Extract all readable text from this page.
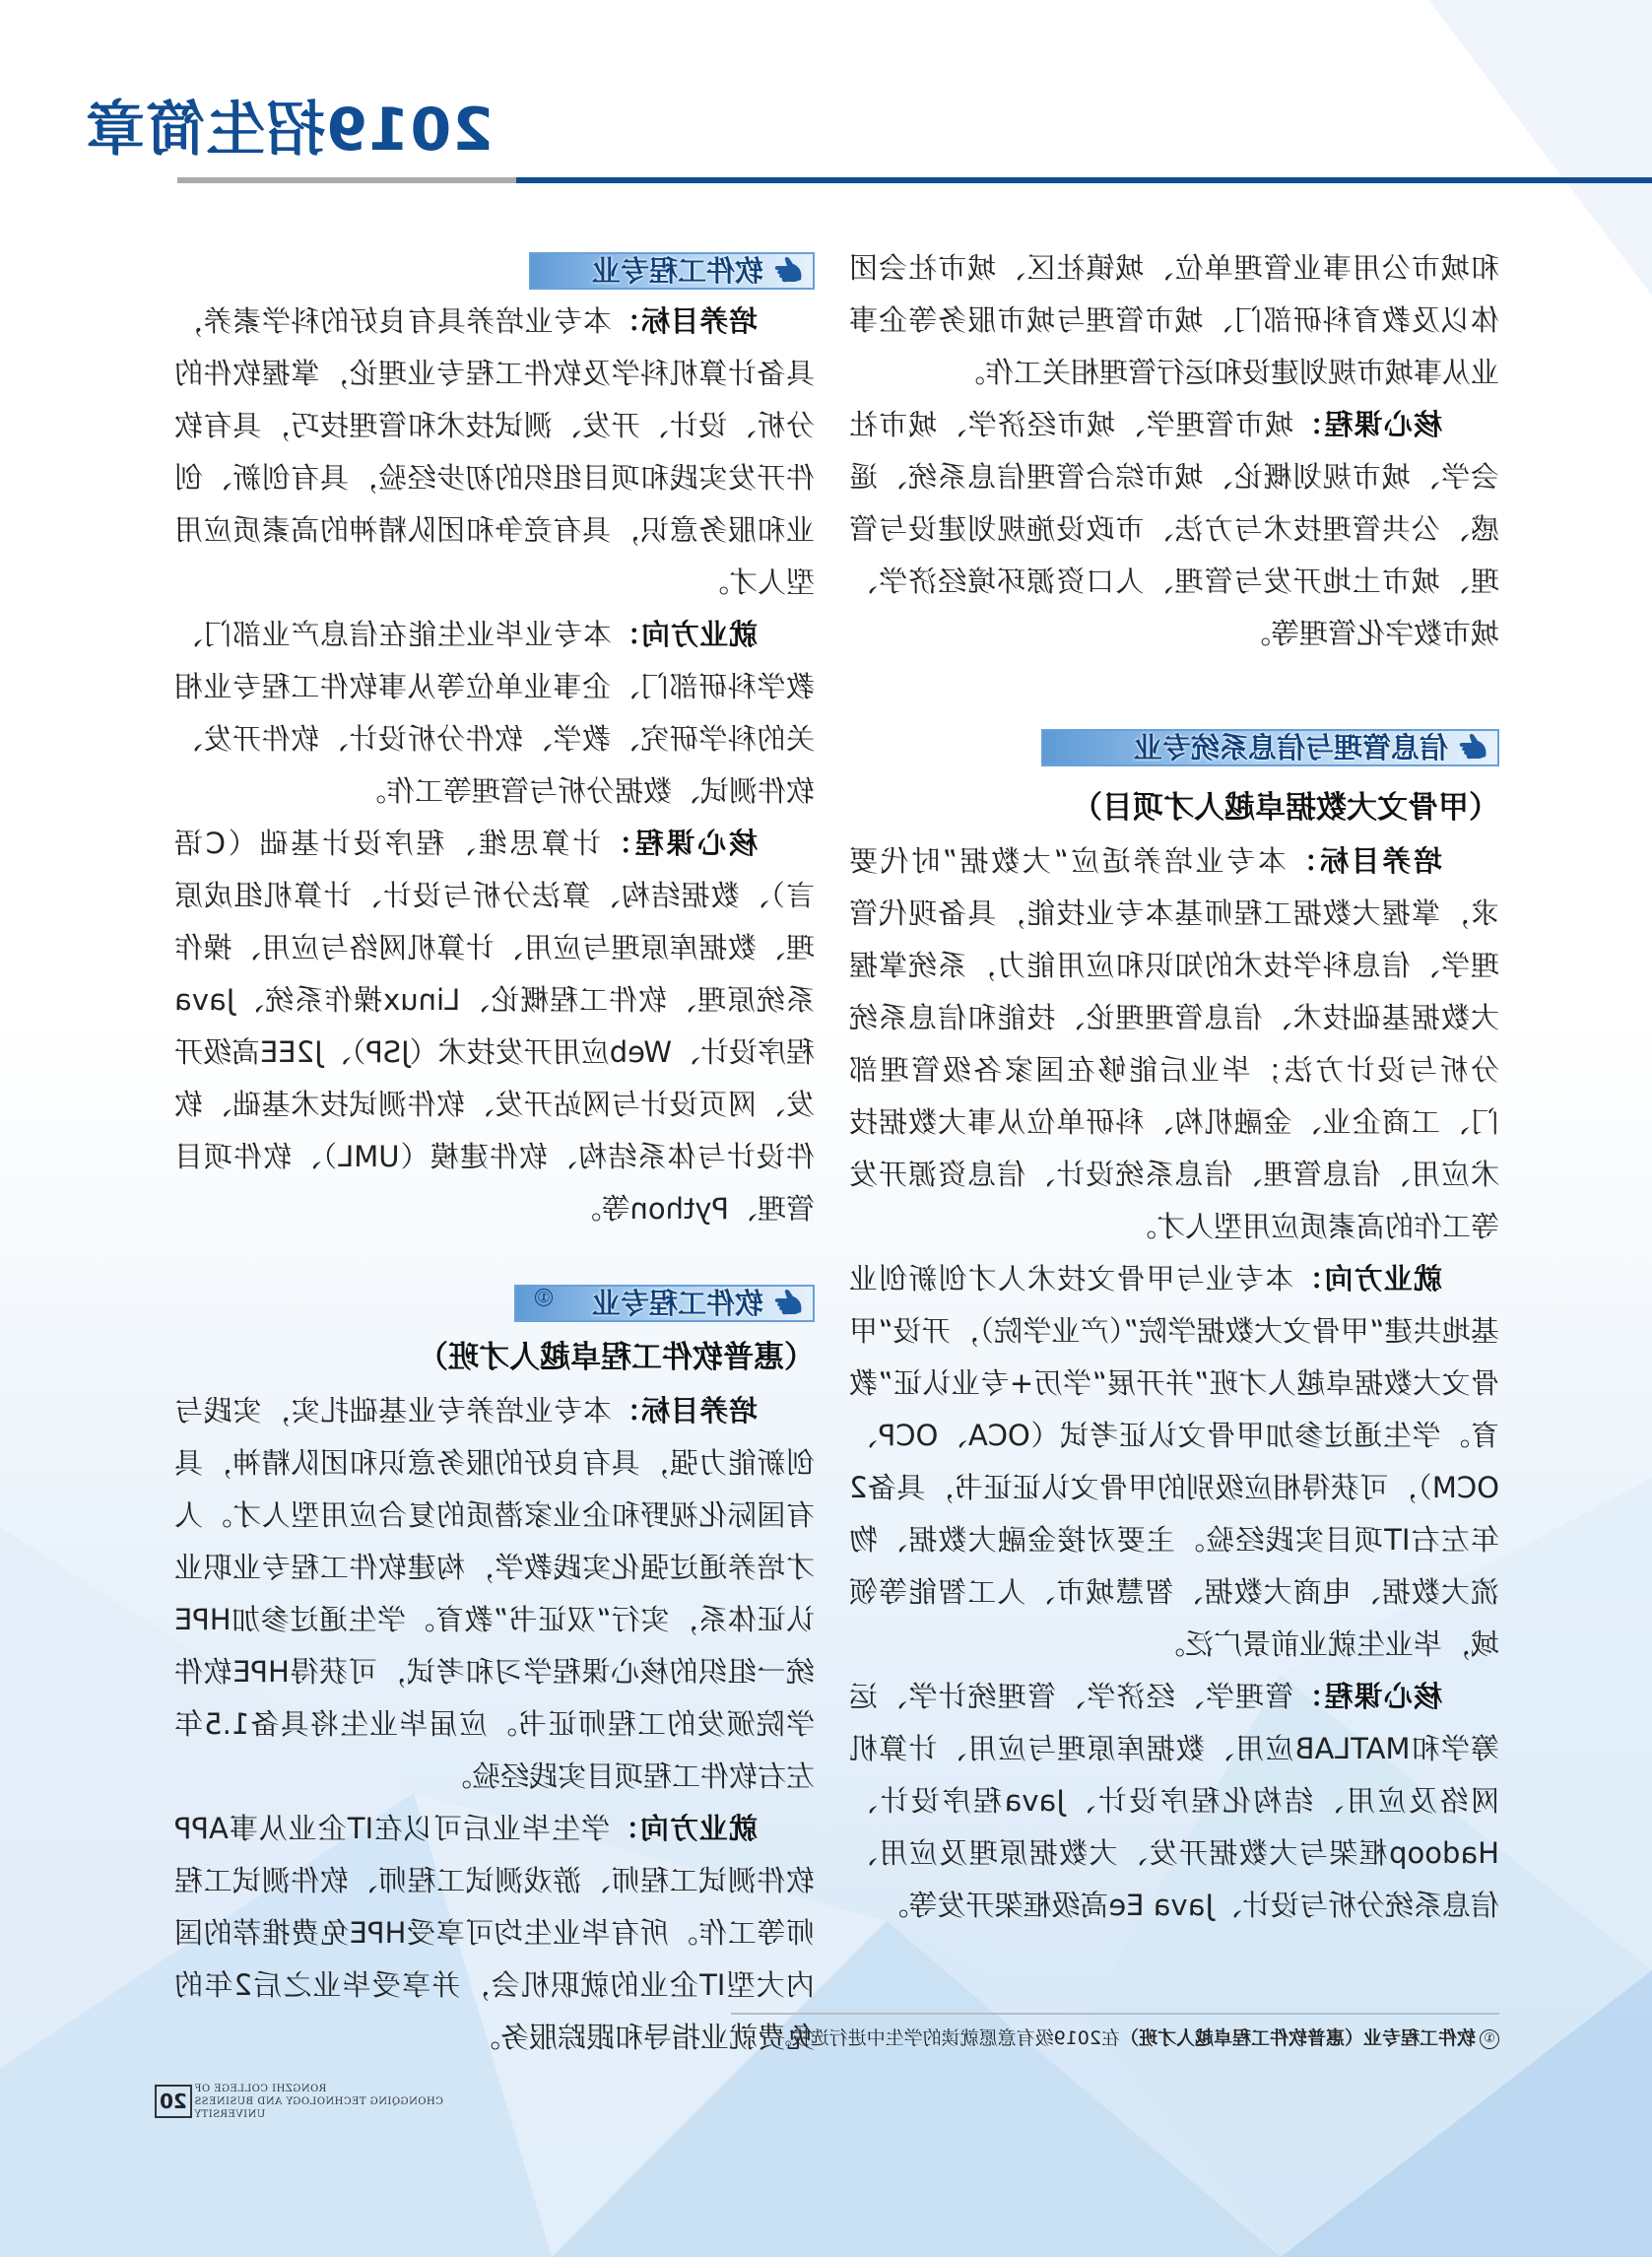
2019招生简章

和城市公用事业管理单位、城镇社区、城市社会团体以及教育科研部门、城市管理与城市服务等企事业从事城市规划建设和运行管理相关工作。

核心课程：城市管理学、城市经济学、城市社会学、城市规划概论、城市综合管理信息系统、遥感、公共管理技术与方法、市政设施规划建设与管理、城市土地开发与管理、人口资源环境经济学、城市数字化管理等。

信息管理与信息系统专业
（甲骨文大数据卓越人才项目）

培养目标：本专业培养适应“大数据”时代要求，掌握大数据工程师基本专业技能，具备现代管理学、信息科学技术的知识和应用能力，系统掌握大数据基础技术、信息管理理论、技能和信息系统分析与设计方法；毕业后能够在国家各级管理部门、工商企业、金融机构、科研单位从事大数据技术应用、信息管理、信息系统设计、信息资源开发等工作的高素质应用型人才。

就业方向：本专业与甲骨文技术人才创新创业基地共建“甲骨文大数据学院”（产业学院），开设“甲骨文大数据卓越人才班”并开展“学历+专业认证”教育。学生通过参加甲骨文认证考试（OCA、OCP、OCM），可获得相应级别的甲骨文认证证书，具备2年左右IT项目实践经验。主要对接金融大数据、物流大数据、电商大数据、智慧城市、人工智能等领域，毕业生就业前景广泛。

核心课程：管理学、经济学、管理统计学、运筹学和MATLAB应用、数据库原理与应用、计算机网络及应用、结构化程序设计、Java程序设计、Hadoop框架与大数据开发、大数据原理及应用、信息系统分析与设计、Java Ee高级框架开发等。

软件工程专业

培养目标：本专业培养具有良好的科学素养，具备计算机科学及软件工程专业理论，掌握软件的分析、设计、开发、测试技术和管理技巧，具有软件开发实践和项目组织的初步经验，具有创新、创业和服务意识，具有竞争和团队精神的高素质应用型人才。

就业方向：本专业毕业生能在信息产业部门、教学科研部门、企事业单位等从事软件工程专业相关的科学研究、教学、软件分析设计、软件开发、软件测试、数据分析与管理等工作。

核心课程：计算思维、程序设计基础（C语言）、数据结构、算法分析与设计、计算机组成原理、数据库原理与应用、计算机网络与应用、操作系统原理、软件工程概论、Linux操作系统、Java程序设计、Web应用开发技术（JSP）、J2EE高级开发、网页设计与网站开发、软件测试技术基础、软件设计与体系结构、软件建模（UML）、软件项目管理、Python等。

软件工程专业
①
（惠普软件工程卓越人才班）

培养目标：本专业培养专业基础扎实，实践与创新能力强，具有良好的服务意识和团队精神，具有国际化视野和企业家潜质的复合应用型人才。人才培养通过强化实践教学，构建软件工程专业职业认证体系，实行“双证书”教育。学生通过参加HPE统一组织的核心课程学习和考试，可获得HPE软件学院颁发的工程师证书。应届毕业生将具备1.5年左右软件工程项目实践经验。

就业方向：学生毕业后可以在IT企业从事APP软件测试工程师、游戏测试工程师、软件测试工程师等工作。所有毕业生均可享受HPE免费推荐的国内大型IT企业的就职机会，并享受毕业之后2年的免费就业指导和跟踪服务。	①软件工程专业（惠普软件工程卓越人才班）在2019级有意愿就读的学生中进行选拔。
20
RONGZHI COLLEGE OF
CHONGQING TECHNOLOGY AND BUSINESS
UNIVERSITY
